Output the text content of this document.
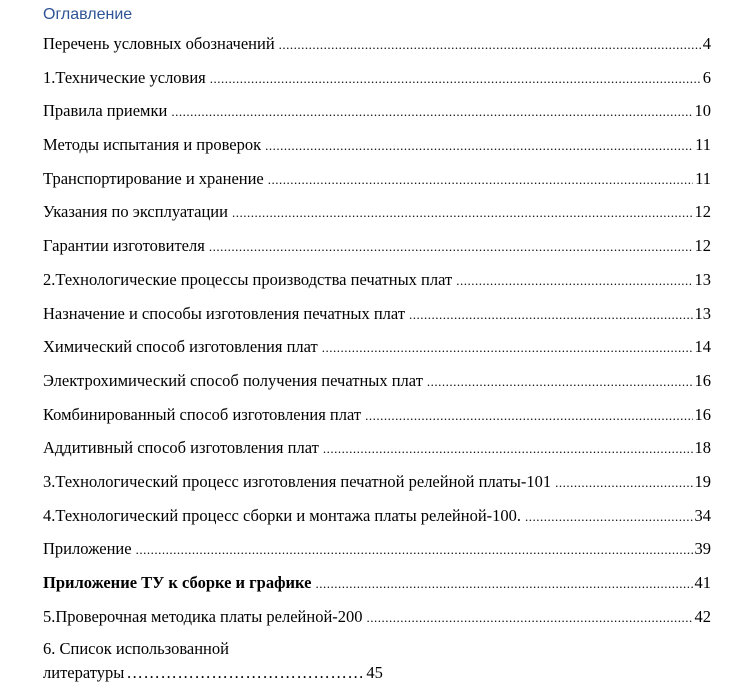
Оглавление
Перечень условных обозначений .....	4
1.Технические условия .....	6
Правила приемки .....	10
Методы испытания и проверок .....	11
Транспортирование и хранение .....	11
Указания по эксплуатации .....	12
Гарантии изготовителя .....	12
2.Технологические процессы производства печатных плат .....	13
Назначение и способы изготовления печатных плат .....	13
Химический способ изготовления плат .....	14
Электрохимический способ получения печатных плат .....	16
Комбинированный способ изготовления плат .....	16
Аддитивный способ изготовления плат .....	18
3.Технологический процесс изготовления печатной релейной платы-101 .....	19
4.Технологический процесс сборки и монтажа платы релейной-100. .....	34
Приложение .....	39
Приложение ТУ к сборке и графике .....	41
5.Проверочная методика платы релейной-200 .....	42
6. Список использованной
литературы …………………………………… 45
